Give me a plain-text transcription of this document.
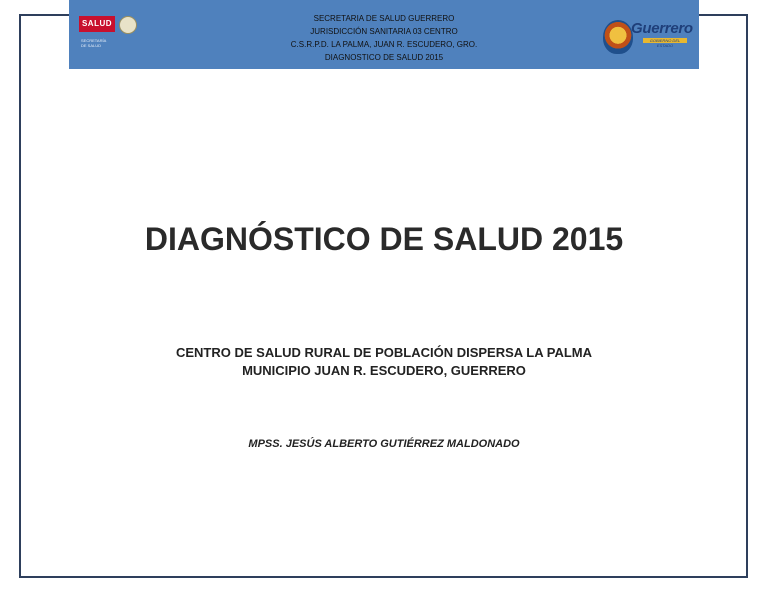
SALUD
SECRETARÍA
DE SALUD
SECRETARIA DE SALUD GUERRERO
JURISDICCIÓN SANITARIA 03 CENTRO
C.S.R.P.D. LA PALMA, JUAN R. ESCUDERO, GRO.
DIAGNOSTICO DE SALUD 2015
Guerrero
GOBIERNO DEL ESTADO
DIAGNÓSTICO DE SALUD 2015
CENTRO DE SALUD RURAL DE POBLACIÓN DISPERSA LA PALMA
MUNICIPIO JUAN R. ESCUDERO, GUERRERO
MPSS. JESÚS ALBERTO GUTIÉRREZ MALDONADO
